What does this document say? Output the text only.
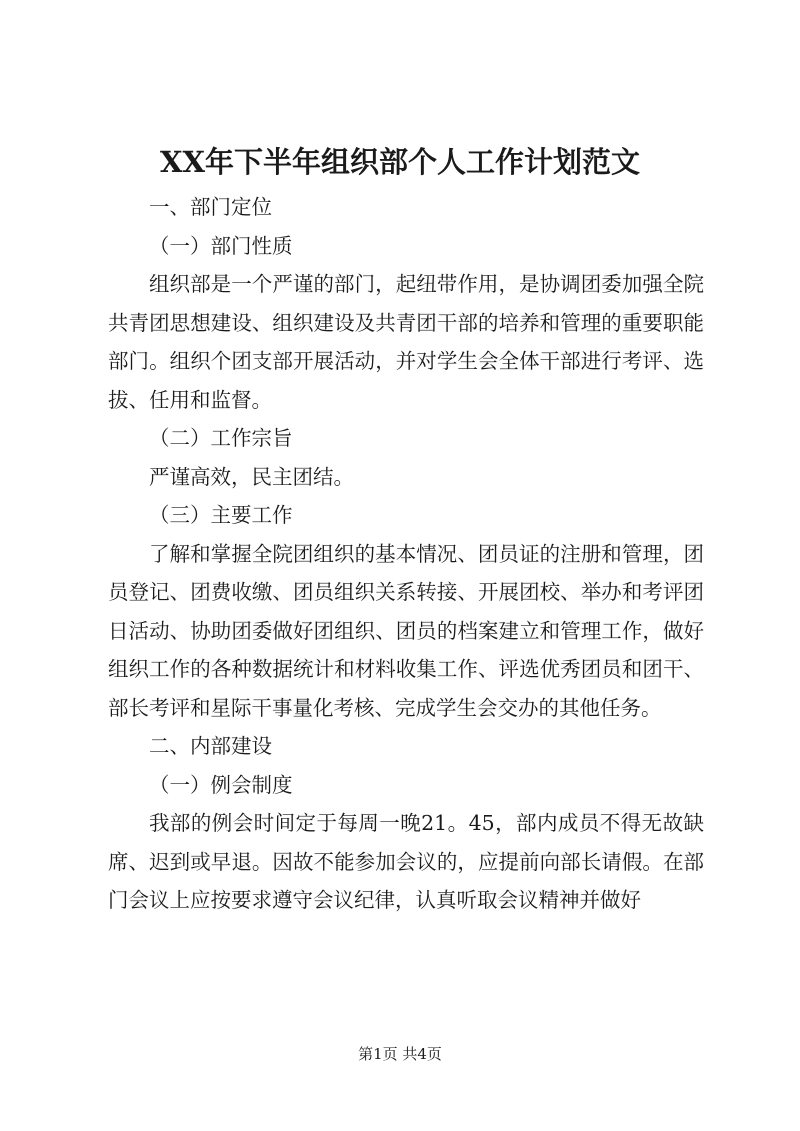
XX年下半年组织部个人工作计划范文

一、部门定位

（一）部门性质

组织部是一个严谨的部门，起纽带作用，是协调团委加强全院共青团思想建设、组织建设及共青团干部的培养和管理的重要职能部门。组织个团支部开展活动，并对学生会全体干部进行考评、选拔、任用和监督。

（二）工作宗旨

严谨高效，民主团结。

（三）主要工作

了解和掌握全院团组织的基本情况、团员证的注册和管理，团员登记、团费收缴、团员组织关系转接、开展团校、举办和考评团日活动、协助团委做好团组织、团员的档案建立和管理工作，做好组织工作的各种数据统计和材料收集工作、评选优秀团员和团干、部长考评和星际干事量化考核、完成学生会交办的其他任务。

二、内部建设

（一）例会制度

我部的例会时间定于每周一晚21。45，部内成员不得无故缺席、迟到或早退。因故不能参加会议的，应提前向部长请假。在部门会议上应按要求遵守会议纪律，认真听取会议精神并做好

第1页 共4页
